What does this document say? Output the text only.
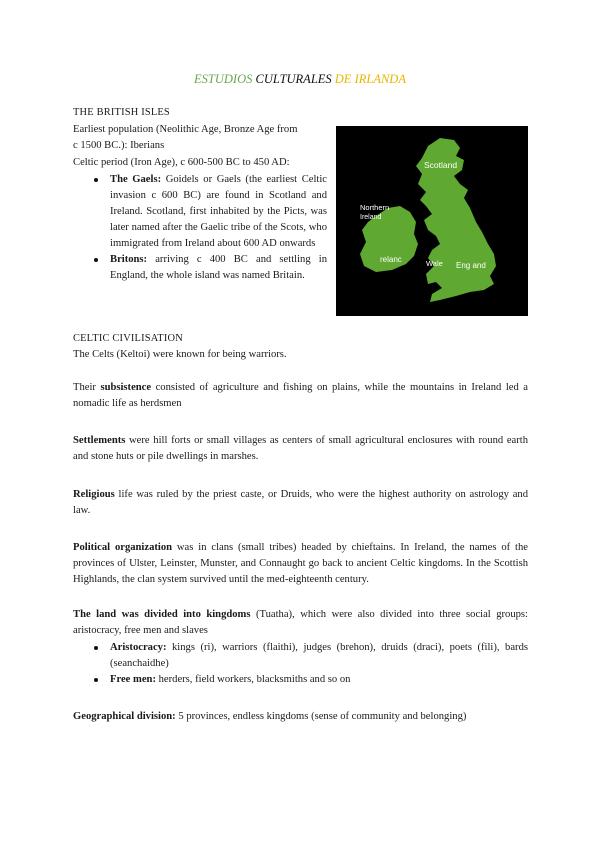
ESTUDIOS CULTURALES DE IRLANDA
THE BRITISH ISLES
Earliest population (Neolithic Age, Bronze Age from
c 1500 BC.): Iberians
Celtic period (Iron Age), c 600-500 BC to 450 AD:
The Gaels: Goidels or Gaels (the earliest Celtic invasion c 600 BC) are found in Scotland and Ireland. Scotland, first inhabited by the Picts, was later named after the Gaelic tribe of the Scots, who immigrated from Ireland about 600 AD onwards
Britons: arriving c 400 BC and settling in England, the whole island was named Britain.
Scotland
Northern
Ireland
relanc	Wale Eng and
CELTIC CIVILISATION
The Celts (Keltoi) were known for being warriors.
Their subsistence consisted of agriculture and fishing on plains, while the mountains in Ireland led a nomadic life as herdsmen
Settlements were hill forts or small villages as centers of small agricultural enclosures with round earth and stone huts or pile dwellings in marshes.
Religious life was ruled by the priest caste, or Druids, who were the highest authority on astrology and law.
Political organization was in clans (small tribes) headed by chieftains. In Ireland, the names of the provinces of Ulster, Leinster, Munster, and Connaught go back to ancient Celtic kingdoms. In the Scottish Highlands, the clan system survived until the med-eighteenth century.
The land was divided into kingdoms (Tuatha), which were also divided into three social groups: aristocracy, free men and slaves
Aristocracy: kings (ri), warriors (flaithi), judges (brehon), druids (draci), poets (fili), bards (seanchaidhe)
Free men: herders, field workers, blacksmiths and so on
Geographical division: 5 provinces, endless kingdoms (sense of community and belonging)
